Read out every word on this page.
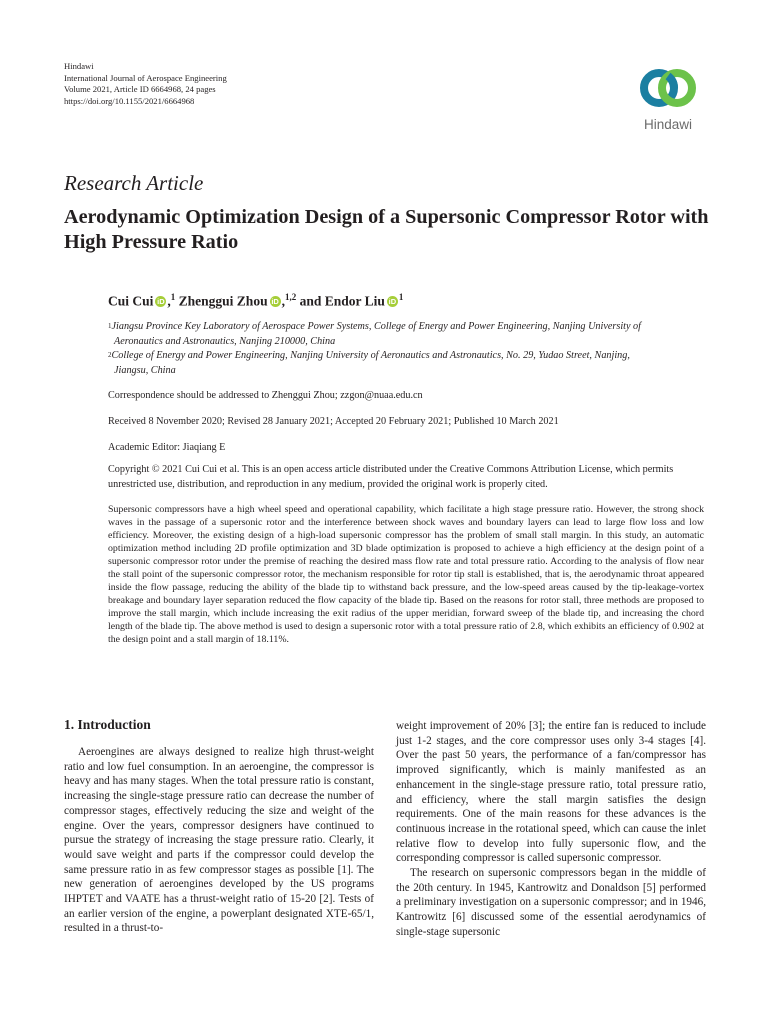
Hindawi
International Journal of Aerospace Engineering
Volume 2021, Article ID 6664968, 24 pages
https://doi.org/10.1155/2021/6664968
Hindawi
Research Article
Aerodynamic Optimization Design of a Supersonic Compressor Rotor with High Pressure Ratio
Cui Cui iD ,$^1$ Zhenggui Zhou iD ,$^{1,2}$ and Endor Liu iD $^1$
$^1$Jiangsu Province Key Laboratory of Aerospace Power Systems, College of Energy and Power Engineering, Nanjing University of
Aeronautics and Astronautics, Nanjing 210000, China
$^2$College of Energy and Power Engineering, Nanjing University of Aeronautics and Astronautics, No. 29, Yudao Street, Nanjing,
Jiangsu, China
Correspondence should be addressed to Zhenggui Zhou; zzgon@nuaa.edu.cn
Received 8 November 2020; Revised 28 January 2021; Accepted 20 February 2021; Published 10 March 2021
Academic Editor: Jiaqiang E
Copyright © 2021 Cui Cui et al. This is an open access article distributed under the Creative Commons Attribution License, which permits unrestricted use, distribution, and reproduction in any medium, provided the original work is properly cited.
Supersonic compressors have a high wheel speed and operational capability, which facilitate a high stage pressure ratio. However, the strong shock waves in the passage of a supersonic rotor and the interference between shock waves and boundary layers can lead to large flow loss and low efficiency. Moreover, the existing design of a high-load supersonic compressor has the problem of small stall margin. In this study, an automatic optimization method including 2D profile optimization and 3D blade optimization is proposed to achieve a high efficiency at the design point of a supersonic compressor rotor under the premise of reaching the desired mass flow rate and total pressure ratio. According to the analysis of flow near the stall point of the supersonic compressor rotor, the mechanism responsible for rotor tip stall is established, that is, the aerodynamic throat appeared inside the flow passage, reducing the ability of the blade tip to withstand back pressure, and the low-speed areas caused by the tip-leakage-vortex breakage and boundary layer separation reduced the flow capacity of the blade tip. Based on the reasons for rotor stall, three methods are proposed to improve the stall margin, which include increasing the exit radius of the upper meridian, forward sweep of the blade tip, and increasing the chord length of the blade tip. The above method is used to design a supersonic rotor with a total pressure ratio of 2.8, which exhibits an efficiency of 0.902 at the design point and a stall margin of 18.11%.
1. Introduction

Aeroengines are always designed to realize high thrust-weight ratio and low fuel consumption. In an aeroengine, the compressor is heavy and has many stages. When the total pressure ratio is constant, increasing the single-stage pressure ratio can decrease the number of compressor stages, effectively reducing the size and weight of the engine. Over the years, compressor designers have continued to pursue the strategy of increasing the stage pressure ratio. Clearly, it would save weight and parts if the compressor could develop the same pressure ratio in as few compressor stages as possible [1]. The new generation of aeroengines developed by the US programs IHPTET and VAATE has a thrust-weight ratio of 15-20 [2]. Tests of an earlier version of the engine, a powerplant designated XTE-65/1, resulted in a thrust-to-

weight improvement of 20% [3]; the entire fan is reduced to include just 1-2 stages, and the core compressor uses only 3-4 stages [4]. Over the past 50 years, the performance of a fan/compressor has improved significantly, which is mainly manifested as an enhancement in the single-stage pressure ratio, total pressure ratio, and efficiency, where the stall margin satisfies the design requirements. One of the main reasons for these advances is the continuous increase in the rotational speed, which can cause the inlet relative flow to develop into fully supersonic flow, and the corresponding compressor is called supersonic compressor.

The research on supersonic compressors began in the middle of the 20th century. In 1945, Kantrowitz and Donaldson [5] performed a preliminary investigation on a supersonic compressor; and in 1946, Kantrowitz [6] discussed some of the essential aerodynamics of single-stage supersonic
